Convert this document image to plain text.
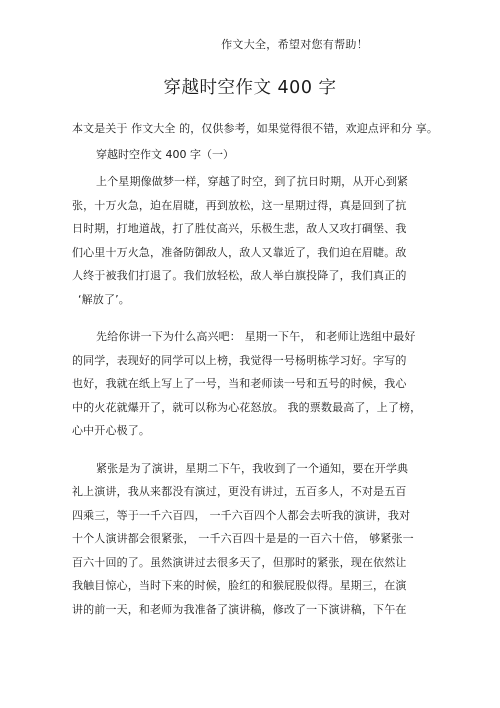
作文大全，希望对您有帮助！
穿越时空作文 400 字
本文是关于 作文大全 的，仅供参考，如果觉得很不错，欢迎点评和分 享。
穿越时空作文 400 字（一）
上个星期像做梦一样，穿越了时空，到了抗日时期，从开心到紧
张，十万火急，迫在眉睫，再到放松，这一星期过得，真是回到了抗
日时期，打地道战，打了胜仗高兴，乐极生悲，敌人又攻打碉堡、我
们心里十万火急，准备防御敌人，敌人又靠近了，我们迫在眉睫。敌
人终于被我们打退了。我们放轻松，敌人举白旗投降了，我们真正的
‘解放了’。
先给你讲一下为什么高兴吧： 星期一下午， 和老师让选组中最好
的同学，表现好的同学可以上榜，我觉得一号杨明栋学习好。字写的
也好，我就在纸上写上了一号，当和老师读一号和五号的时候，我心
中的火花就爆开了，就可以称为心花怒放。 我的票数最高了，上了榜，
心中开心极了。
紧张是为了演讲，星期二下午，我收到了一个通知，要在开学典
礼上演讲，我从来都没有演过，更没有讲过，五百多人，不对是五百
四乘三，等于一千六百四， 一千六百四个人都会去听我的演讲，我对
十个人演讲都会很紧张， 一千六百四十是是的一百六十倍， 够紧张一
百六十回的了。虽然演讲过去很多天了，但那时的紧张，现在依然让
我触目惊心，当时下来的时候，脸红的和猴屁股似得。星期三，在演
讲的前一天，和老师为我准备了演讲稿，修改了一下演讲稿，下午在
